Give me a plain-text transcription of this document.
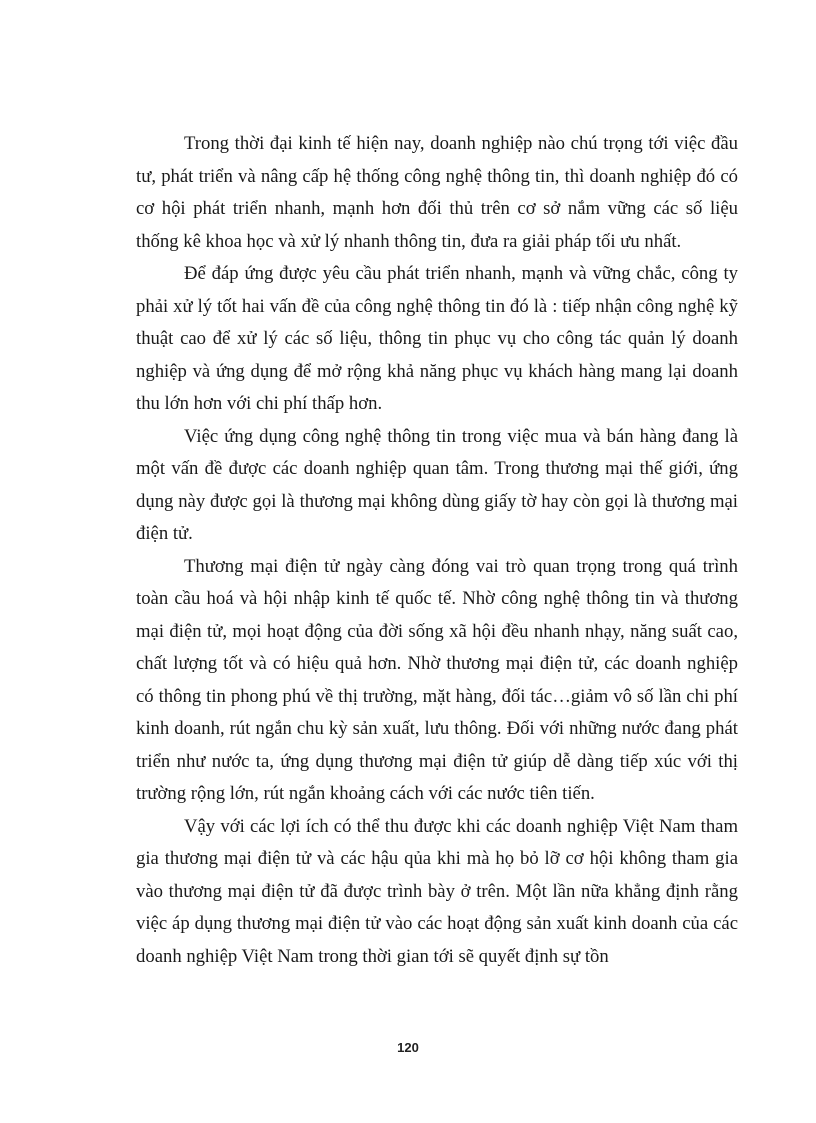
Trong thời đại kinh tế hiện nay, doanh nghiệp nào chú trọng tới việc đầu tư, phát triển và nâng cấp hệ thống công nghệ thông tin, thì doanh nghiệp đó có cơ hội phát triển nhanh, mạnh hơn đối thủ trên cơ sở nắm vững các số liệu thống kê khoa học và xử lý nhanh thông tin, đưa ra giải pháp tối ưu nhất.

Để đáp ứng được yêu cầu phát triển nhanh, mạnh và vững chắc, công ty phải xử lý tốt hai vấn đề của công nghệ thông tin đó là : tiếp nhận công nghệ kỹ thuật cao để xử lý các số liệu, thông tin phục vụ cho công tác quản lý doanh nghiệp và ứng dụng để mở rộng khả năng phục vụ khách hàng mang lại doanh thu lớn hơn với chi phí thấp hơn.

Việc ứng dụng công nghệ thông tin trong việc mua và bán hàng đang là một vấn đề được các doanh nghiệp quan tâm. Trong thương mại thế giới, ứng dụng này được gọi là thương mại không dùng giấy tờ hay còn gọi là thương mại điện tử.

Thương mại điện tử ngày càng đóng vai trò quan trọng trong quá trình toàn cầu hoá và hội nhập kinh tế quốc tế. Nhờ công nghệ thông tin và thương mại điện tử, mọi hoạt động của đời sống xã hội đều nhanh nhạy, năng suất cao, chất lượng tốt và có hiệu quả hơn. Nhờ thương mại điện tử, các doanh nghiệp có thông tin phong phú về thị trường, mặt hàng, đối tác…giảm vô số lần chi phí kinh doanh, rút ngắn chu kỳ sản xuất, lưu thông. Đối với những nước đang phát triển như nước ta, ứng dụng thương mại điện tử giúp dễ dàng tiếp xúc với thị trường rộng lớn, rút ngắn khoảng cách với các nước tiên tiến.

Vậy với các lợi ích có thể thu được khi các doanh nghiệp Việt Nam tham gia thương mại điện tử và các hậu qủa khi mà họ bỏ lỡ cơ hội không tham gia vào thương mại điện tử đã được trình bày ở trên. Một lần nữa khẳng định rằng việc áp dụng thương mại điện tử vào các hoạt động sản xuất kinh doanh của các doanh nghiệp Việt Nam trong thời gian tới sẽ quyết định sự tồn

120
